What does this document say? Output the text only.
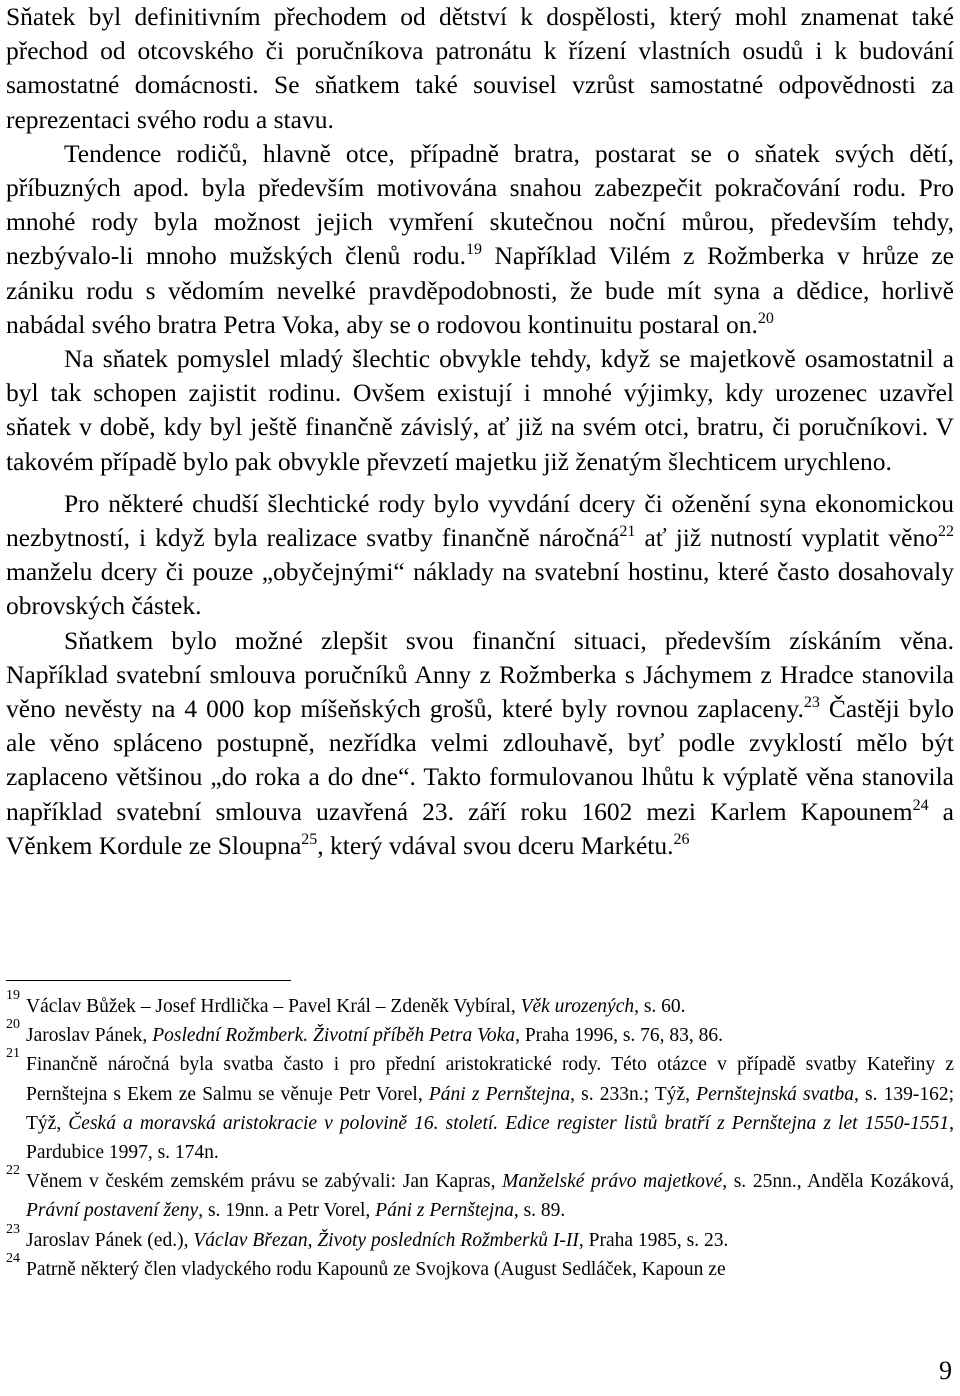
Sňatek byl definitivním přechodem od dětství k dospělosti, který mohl znamenat také přechod od otcovského či poručníkova patronátu k řízení vlastních osudů i k budování samostatné domácnosti. Se sňatkem také souvisel vzrůst samostatné odpovědnosti za reprezentaci svého rodu a stavu.

Tendence rodičů, hlavně otce, případně bratra, postarat se o sňatek svých dětí, příbuzných apod. byla především motivována snahou zabezpečit pokračování rodu. Pro mnohé rody byla možnost jejich vymření skutečnou noční můrou, především tehdy, nezbývalo-li mnoho mužských členů rodu.$^{19}$ Například Vilém z Rožmberka v hrůze ze zániku rodu s vědomím nevelké pravděpodobnosti, že bude mít syna a dědice, horlivě nabádal svého bratra Petra Voka, aby se o rodovou kontinuitu postaral on.$^{20}$

Na sňatek pomyslel mladý šlechtic obvykle tehdy, když se majetkově osamostatnil a byl tak schopen zajistit rodinu. Ovšem existují i mnohé výjimky, kdy urozenec uzavřel sňatek v době, kdy byl ještě finančně závislý, ať již na svém otci, bratru, či poručníkovi. V takovém případě bylo pak obvykle převzetí majetku již ženatým šlechticem urychleno.

Pro některé chudší šlechtické rody bylo vyvdání dcery či oženění syna ekonomickou nezbytností, i když byla realizace svatby finančně náročná$^{21}$ ať již nutností vyplatit věno$^{22}$ manželu dcery či pouze „obyčejnými“ náklady na svatební hostinu, které často dosahovaly obrovských částek.

Sňatkem bylo možné zlepšit svou finanční situaci, především získáním věna. Například svatební smlouva poručníků Anny z Rožmberka s Jáchymem z Hradce stanovila věno nevěsty na 4 000 kop míšeňských grošů, které byly rovnou zaplaceny.$^{23}$ Častěji bylo ale věno spláceno postupně, nezřídka velmi zdlouhavě, byť podle zvyklostí mělo být zaplaceno většinou „do roka a do dne“. Takto formulovanou lhůtu k výplatě věna stanovila například svatební smlouva uzavřená 23. září roku 1602 mezi Karlem Kapounem$^{24}$ a Věnkem Kordule ze Sloupna$^{25}$, který vdával svou dceru Markétu.$^{26}$

19
Václav Bůžek – Josef Hrdlička – Pavel Král – Zdeněk Vybíral, Věk urozených, s. 60.

20
Jaroslav Pánek, Poslední Rožmberk. Životní příběh Petra Voka, Praha 1996, s. 76, 83, 86.

21
Finančně náročná byla svatba často i pro přední aristokratické rody. Této otázce v případě svatby Kateřiny z Pernštejna s Ekem ze Salmu se věnuje Petr Vorel, Páni z Pernštejna, s. 233n.; Týž, Pernštejnská svatba, s. 139-162; Týž, Česká a moravská aristokracie v polovině 16. století. Edice register listů bratří z Pernštejna z let 1550-1551, Pardubice 1997, s. 174n.

22
Věnem v českém zemském právu se zabývali: Jan Kapras, Manželské právo majetkové, s. 25nn., Anděla Kozáková, Právní postavení ženy, s. 19nn. a Petr Vorel, Páni z Pernštejna, s. 89.

23
Jaroslav Pánek (ed.), Václav Březan, Životy posledních Rožmberků I-II, Praha 1985, s. 23.

24
Patrně některý člen vladyckého rodu Kapounů ze Svojkova (August Sedláček, Kapoun ze

9
